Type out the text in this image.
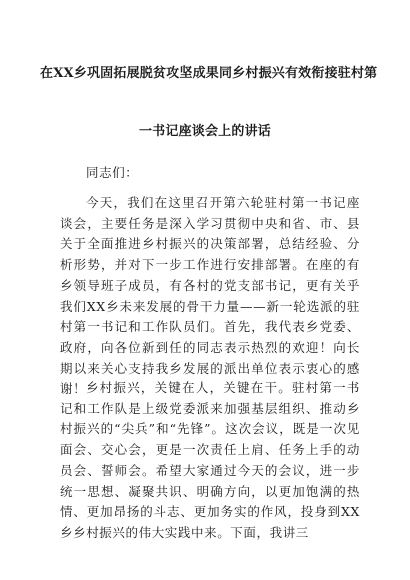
在XX乡巩固拓展脱贫攻坚成果同乡村振兴有效衔接驻村第
一书记座谈会上的讲话
同志们：
今天，我们在这里召开第六轮驻村第一书记座谈会，主要任务是深入学习贯彻中央和省、市、县关于全面推进乡村振兴的决策部署，总结经验、分析形势，并对下一步工作进行安排部署。在座的有乡领导班子成员，有各村的党支部书记，更有关乎我们XX乡未来发展的骨干力量——新一轮选派的驻村第一书记和工作队员们。首先，我代表乡党委、政府，向各位新到任的同志表示热烈的欢迎！向长期以来关心支持我乡发展的派出单位表示衷心的感谢！ 乡村振兴，关键在人，关键在干。驻村第一书记和工作队是上级党委派来加强基层组织、推动乡村振兴的“尖兵”和“先锋”。这次会议，既是一次见面会、交心会，更是一次责任上肩、任务上手的动员会、誓师会。希望大家通过今天的会议，进一步统一思想、凝聚共识、明确方向，以更加饱满的热情、更加昂扬的斗志、更加务实的作风，投身到XX乡乡村振兴的伟大实践中来。下面，我讲三
